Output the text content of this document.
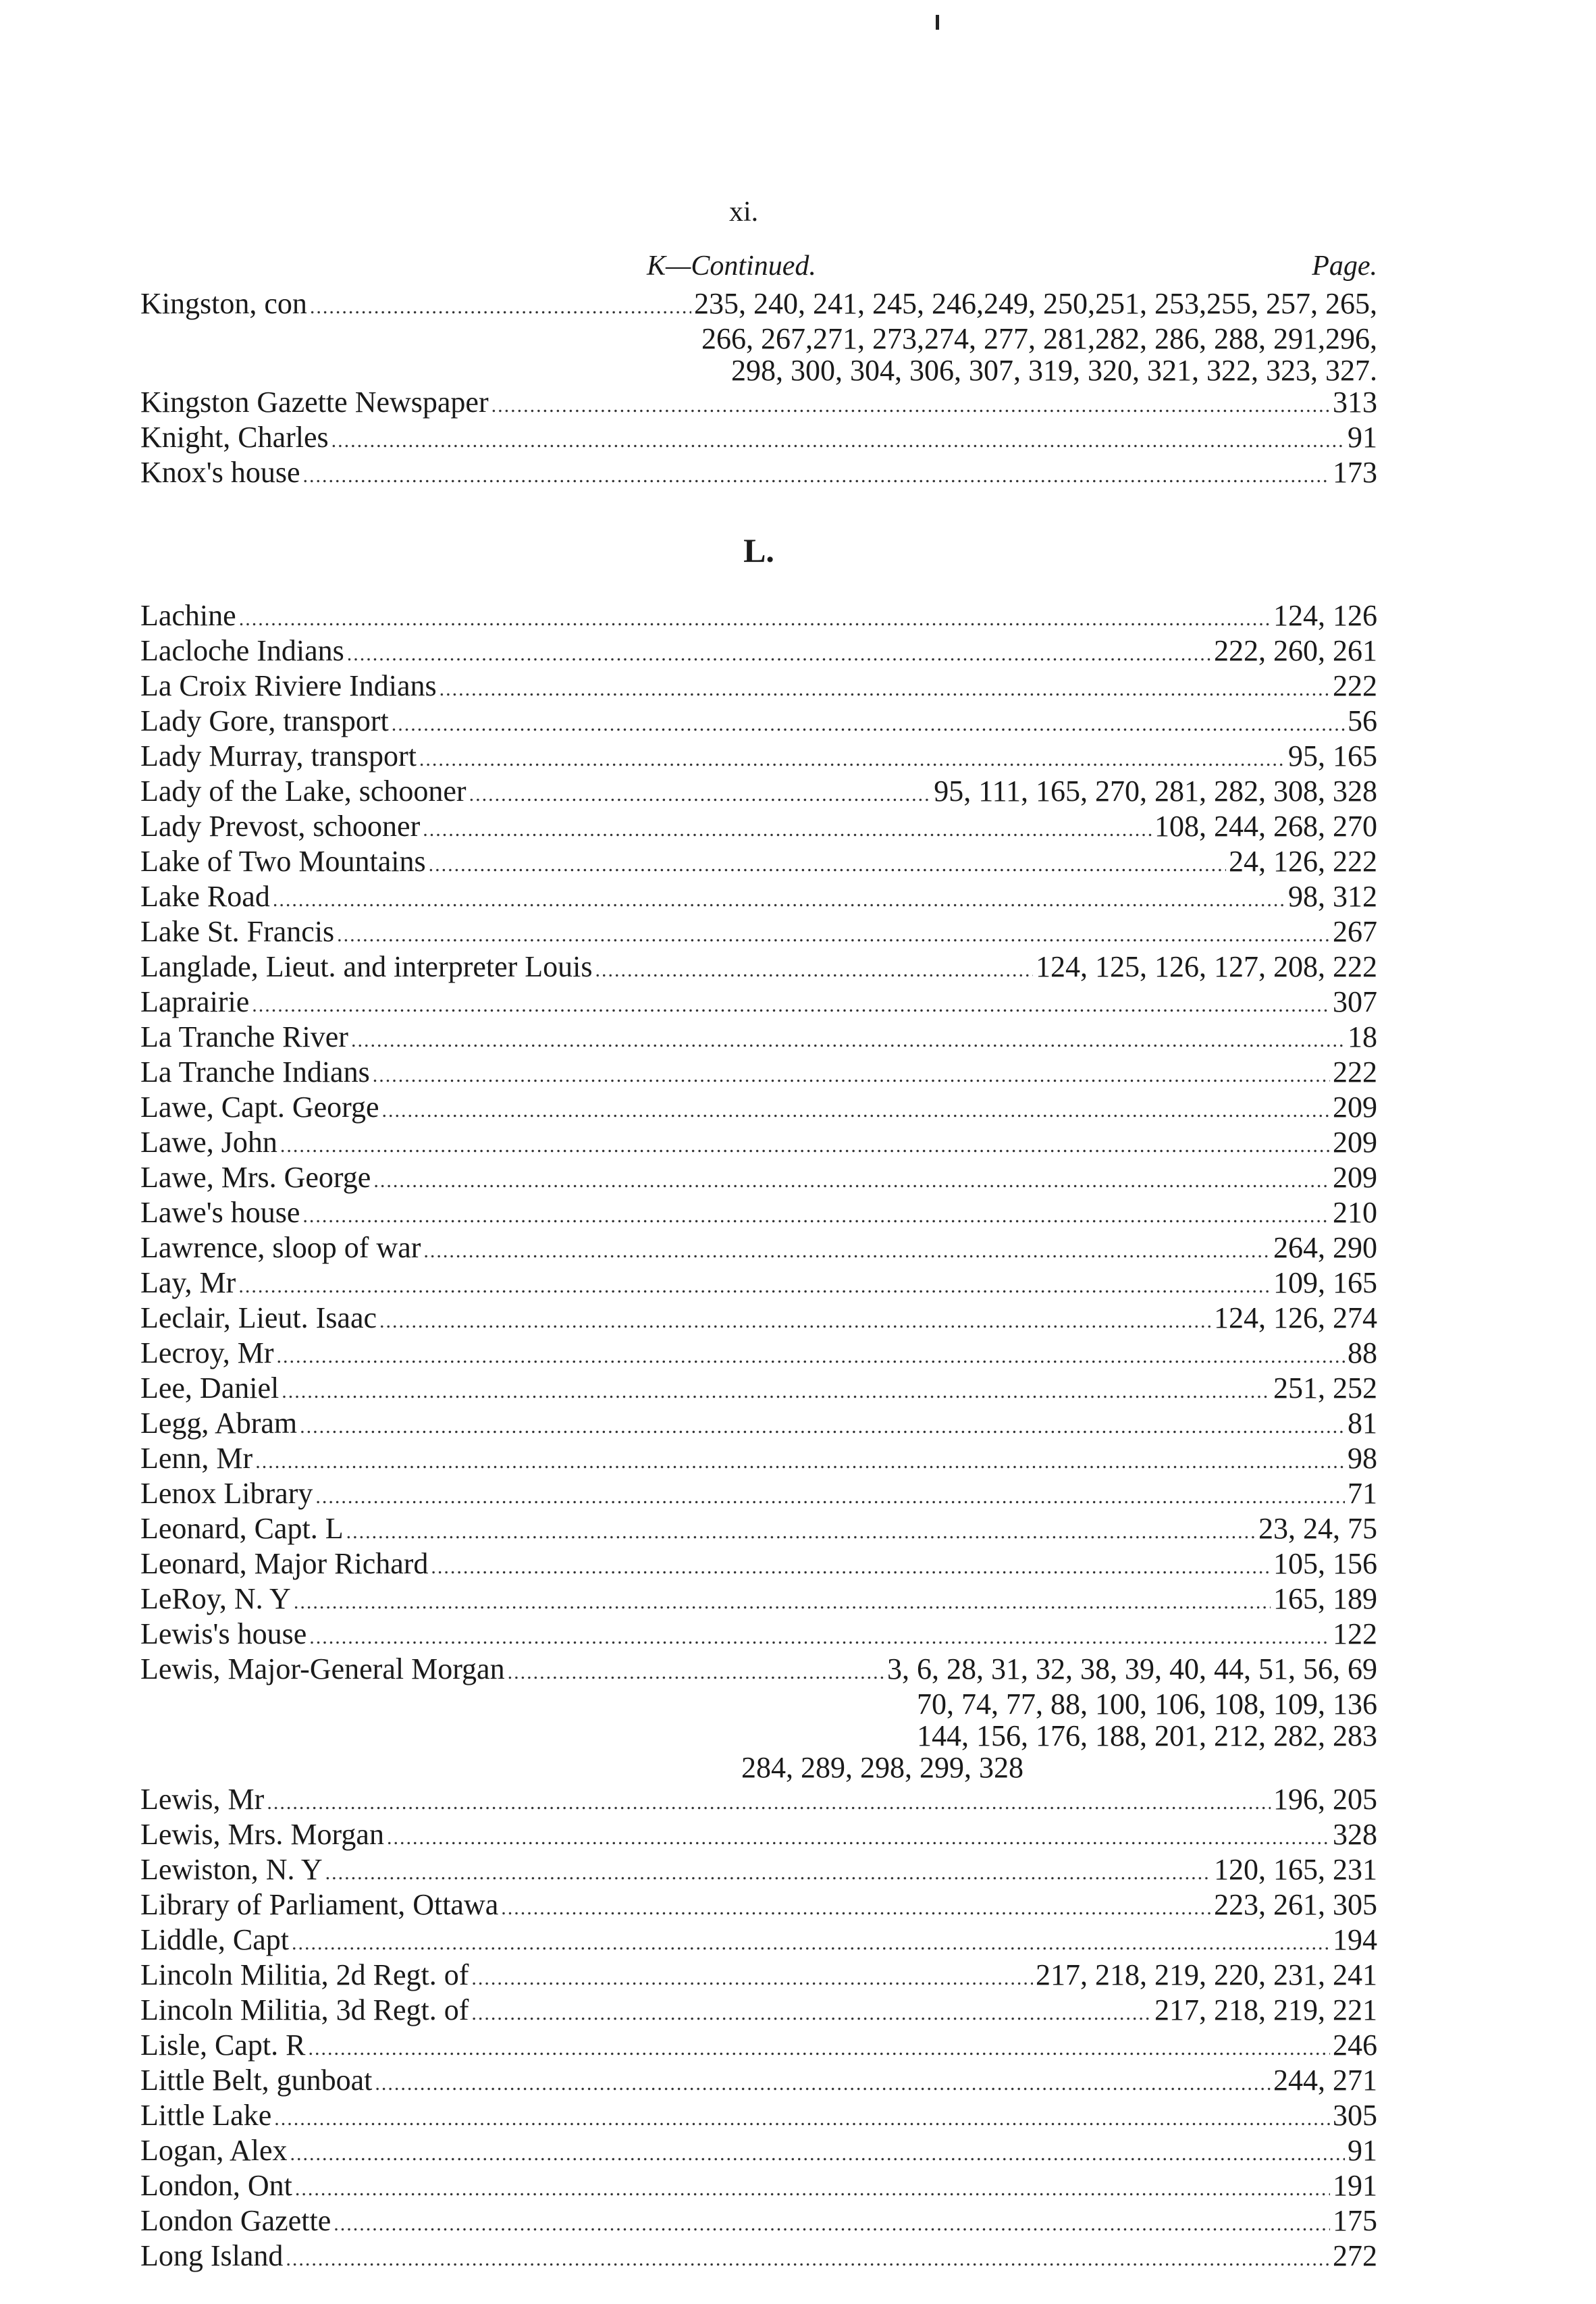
xi.
K—Continued.	Page.
Kingston, con .....	235, 240, 241, 245, 246,249, 250,251, 253,255, 257, 265,
266, 267,271, 273,274, 277, 281,282, 286, 288, 291,296,
298, 300, 304, 306, 307, 319, 320, 321, 322, 323, 327.
Kingston Gazette Newspaper .....	313
Knight, Charles .....	91
Knox's house .....	173
L.
Lachine .....	124, 126
Lacloche Indians .....	222, 260, 261
La Croix Riviere Indians .....	222
Lady Gore, transport .....	56
Lady Murray, transport .....	95, 165
Lady of the Lake, schooner .....	95, 111, 165, 270, 281, 282, 308, 328
Lady Prevost, schooner .....	108, 244, 268, 270
Lake of Two Mountains .....	24, 126, 222
Lake Road .....	98, 312
Lake St. Francis .....	267
Langlade, Lieut. and interpreter Louis .....	124, 125, 126, 127, 208, 222
Laprairie .....	307
La Tranche River .....	18
La Tranche Indians .....	222
Lawe, Capt. George .....	209
Lawe, John .....	209
Lawe, Mrs. George .....	209
Lawe's house .....	210
Lawrence, sloop of war .....	264, 290
Lay, Mr .....	109, 165
Leclair, Lieut. Isaac .....	124, 126, 274
Lecroy, Mr .....	88
Lee, Daniel .....	251, 252
Legg, Abram .....	81
Lenn, Mr .....	98
Lenox Library .....	71
Leonard, Capt. L .....	23, 24, 75
Leonard, Major Richard .....	105, 156
LeRoy, N. Y .....	165, 189
Lewis's house .....	122
Lewis, Major-General Morgan .....	3, 6, 28, 31, 32, 38, 39, 40, 44, 51, 56, 69
70, 74, 77, 88, 100, 106, 108, 109, 136
144, 156, 176, 188, 201, 212, 282, 283
284, 289, 298, 299, 328
Lewis, Mr .....	196, 205
Lewis, Mrs. Morgan .....	328
Lewiston, N. Y .....	120, 165, 231
Library of Parliament, Ottawa .....	223, 261, 305
Liddle, Capt .....	194
Lincoln Militia, 2d Regt. of .....	217, 218, 219, 220, 231, 241
Lincoln Militia, 3d Regt. of .....	217, 218, 219, 221
Lisle, Capt. R .....	246
Little Belt, gunboat .....	244, 271
Little Lake .....	305
Logan, Alex .....	91
London, Ont .....	191
London Gazette .....	175
Long Island .....	272
